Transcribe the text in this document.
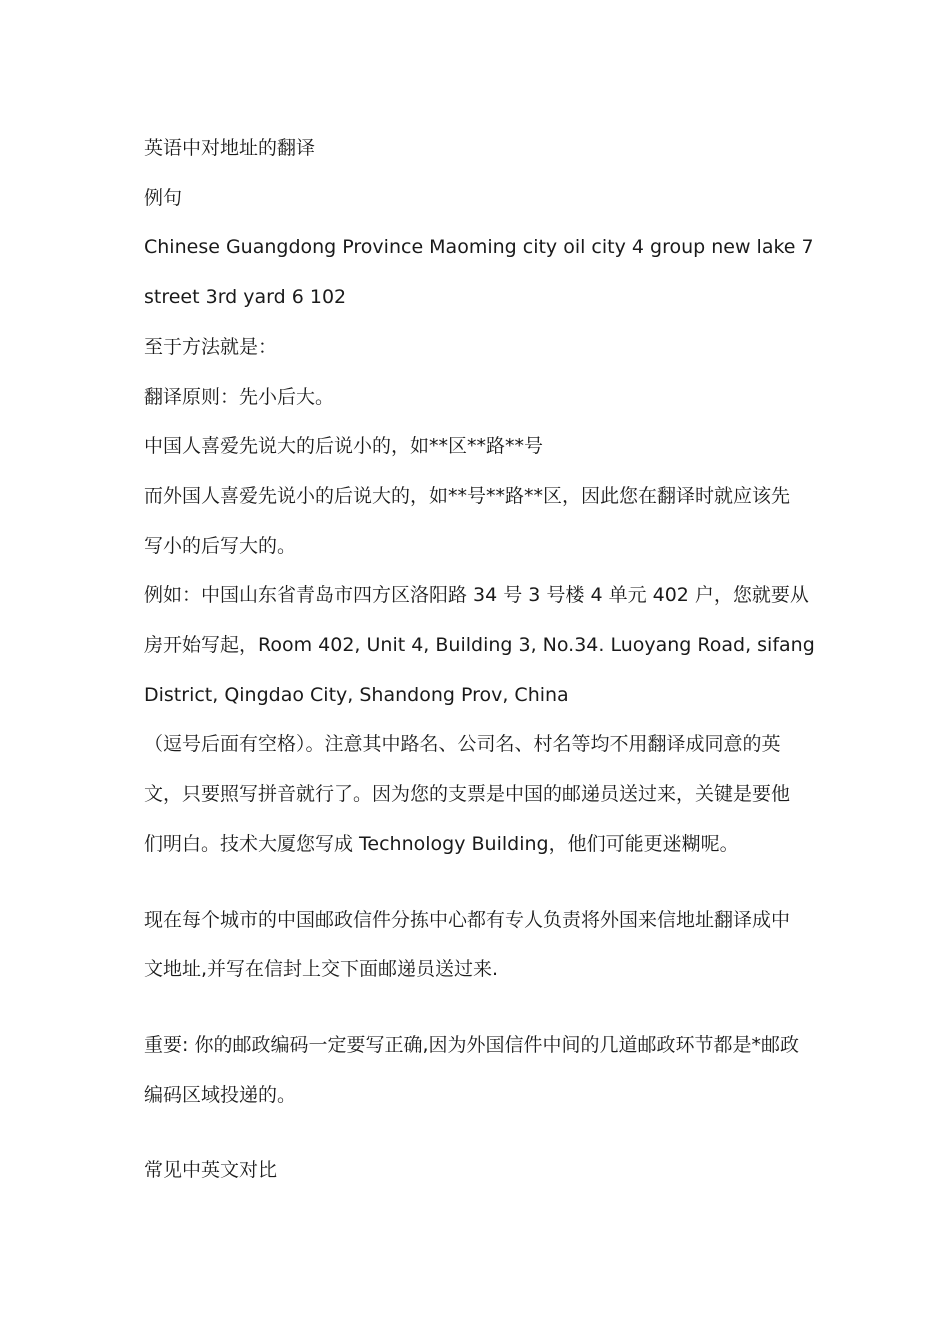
英语中对地址的翻译

例句

Chinese Guangdong Province Maoming city oil city 4 group new lake 7

street 3rd yard 6 102

至于方法就是：

翻译原则：先小后大。

中国人喜爱先说大的后说小的，如**区**路**号

而外国人喜爱先说小的后说大的，如**号**路**区，因此您在翻译时就应该先

写小的后写大的。

例如：中国山东省青岛市四方区洛阳路 34 号 3 号楼 4 单元 402 户，您就要从

房开始写起，Room 402, Unit 4, Building 3, No.34. Luoyang Road, sifang

District, Qingdao City, Shandong Prov, China

（逗号后面有空格）。注意其中路名、公司名、村名等均不用翻译成同意的英

文，只要照写拼音就行了。因为您的支票是中国的邮递员送过来，关键是要他

们明白。技术大厦您写成 Technology Building，他们可能更迷糊呢。

现在每个城市的中国邮政信件分拣中心都有专人负责将外国来信地址翻译成中

文地址,并写在信封上交下面邮递员送过来.

重要: 你的邮政编码一定要写正确,因为外国信件中间的几道邮政环节都是*邮政

编码区域投递的。

常见中英文对比
